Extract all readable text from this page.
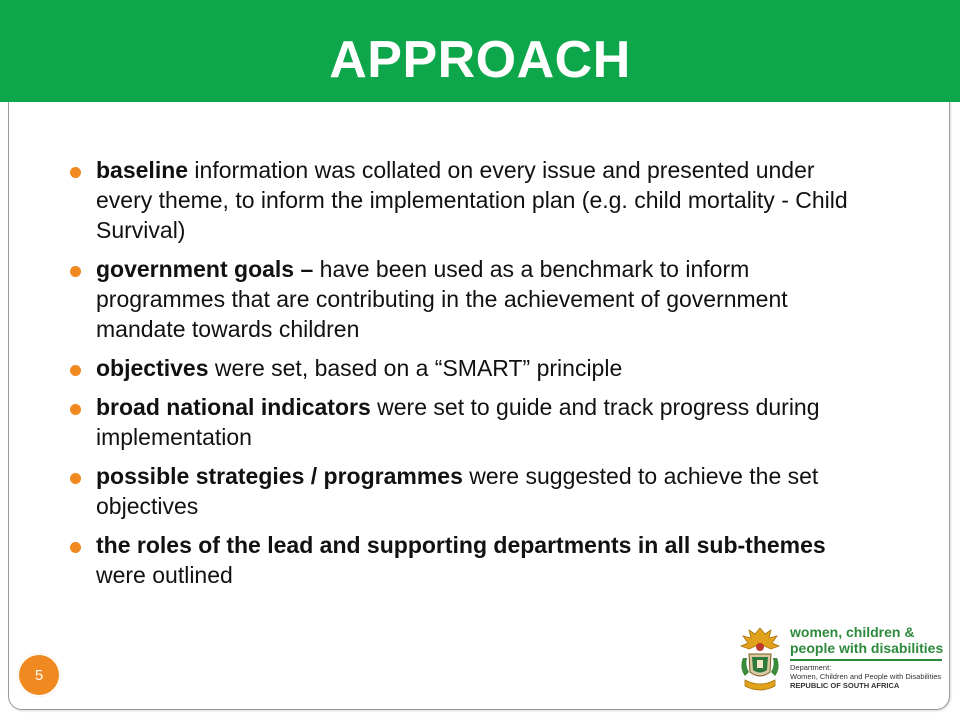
APPROACH
baseline information was collated on every issue and presented under every theme, to inform the implementation plan (e.g. child mortality - Child Survival)
government goals – have been used as a benchmark to inform programmes that are contributing in the achievement of government mandate towards children
objectives were set, based on a “SMART” principle
broad national indicators were set to guide and track progress during implementation
possible strategies / programmes were suggested to achieve the set objectives
the roles of the lead and supporting departments in all sub-themes were outlined
5
women, children &
people with disabilities
Department:
Women, Children and People with Disabilities
REPUBLIC OF SOUTH AFRICA
